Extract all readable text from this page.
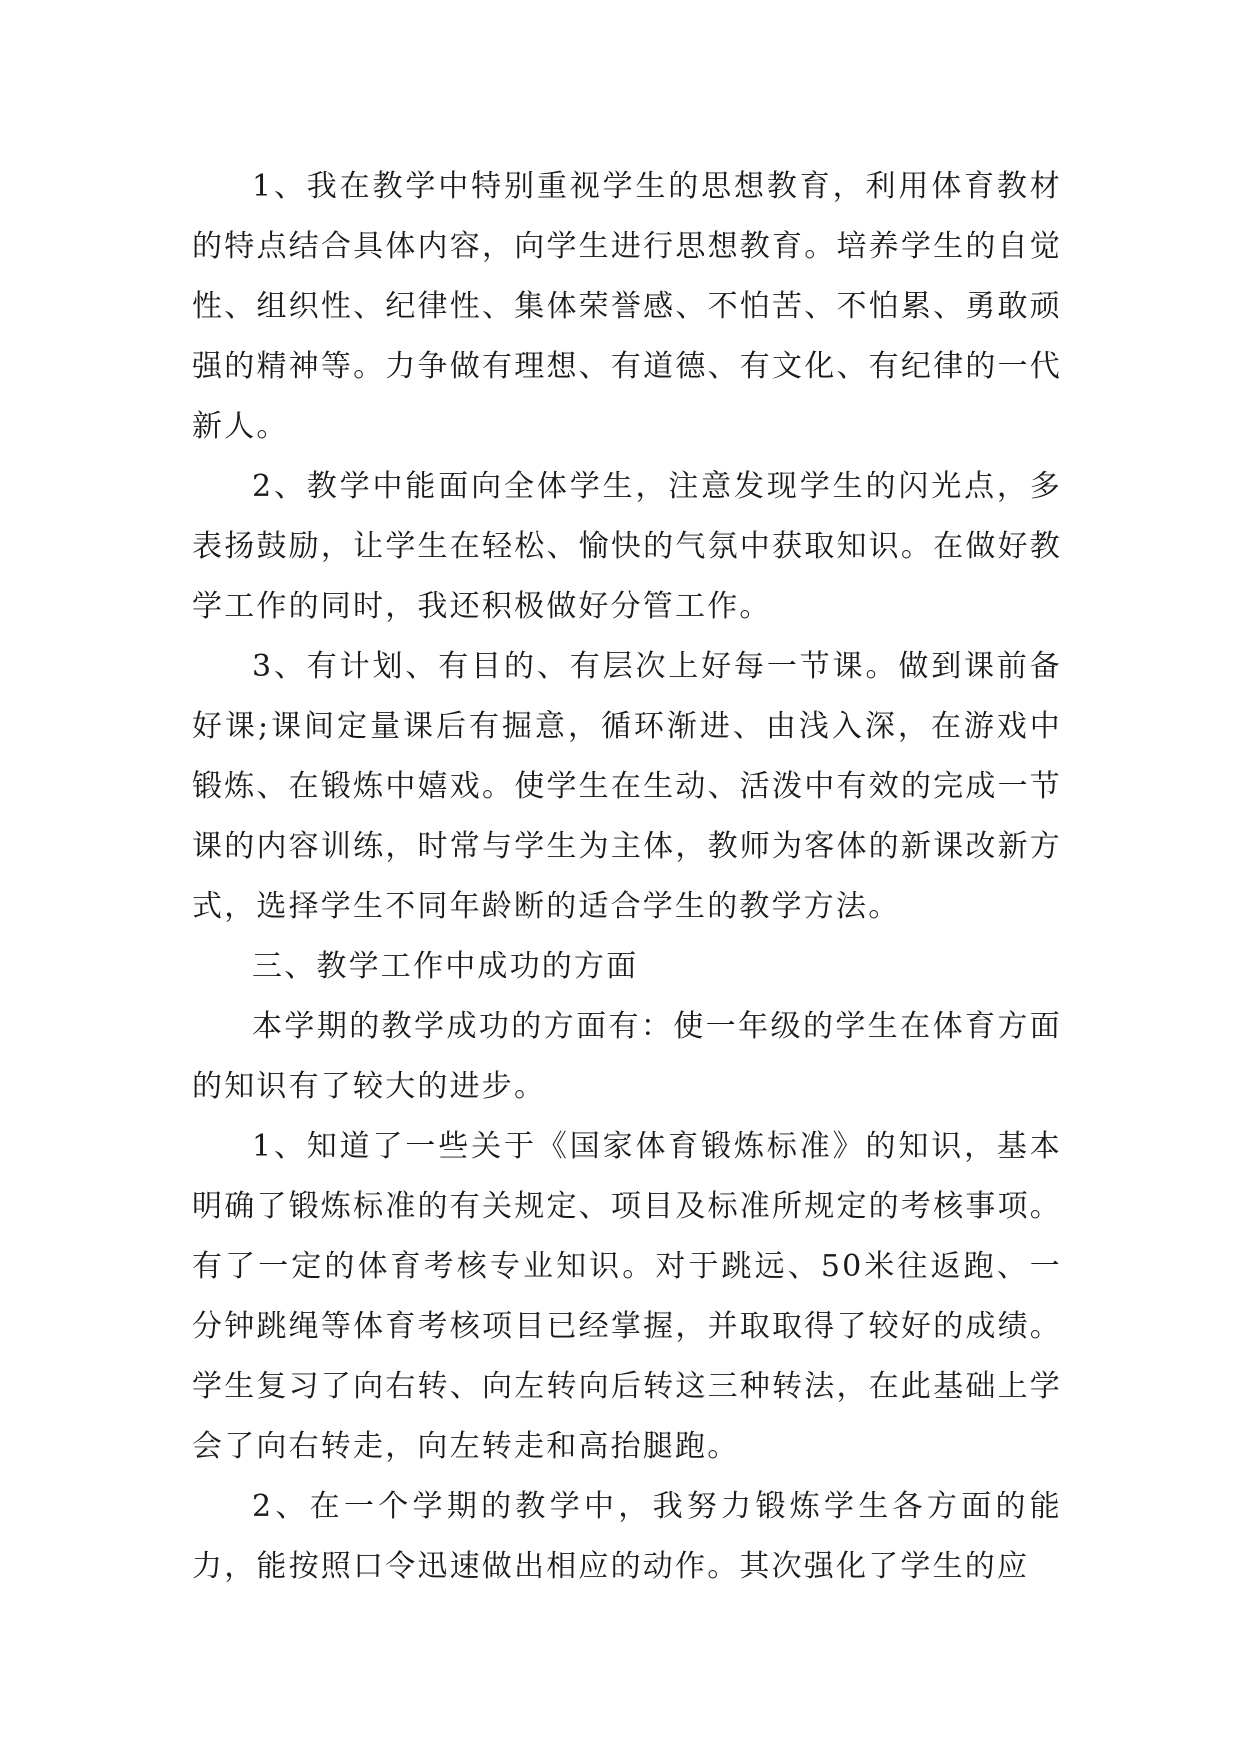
1、我在教学中特别重视学生的思想教育，利用体育教材的特点结合具体内容，向学生进行思想教育。培养学生的自觉性、组织性、纪律性、集体荣誉感、不怕苦、不怕累、勇敢顽强的精神等。力争做有理想、有道德、有文化、有纪律的一代新人。

2、教学中能面向全体学生，注意发现学生的闪光点，多表扬鼓励，让学生在轻松、愉快的气氛中获取知识。在做好教学工作的同时，我还积极做好分管工作。

3、有计划、有目的、有层次上好每一节课。做到课前备好课;课间定量课后有掘意，循环渐进、由浅入深，在游戏中锻炼、在锻炼中嬉戏。使学生在生动、活泼中有效的完成一节课的内容训练，时常与学生为主体，教师为客体的新课改新方式，选择学生不同年龄断的适合学生的教学方法。

三、教学工作中成功的方面

本学期的教学成功的方面有：使一年级的学生在体育方面的知识有了较大的进步。

1、知道了一些关于《国家体育锻炼标准》的知识，基本明确了锻炼标准的有关规定、项目及标准所规定的考核事项。有了一定的体育考核专业知识。对于跳远、50米往返跑、一分钟跳绳等体育考核项目已经掌握，并取取得了较好的成绩。学生复习了向右转、向左转向后转这三种转法，在此基础上学会了向右转走，向左转走和高抬腿跑。

2、在一个学期的教学中，我努力锻炼学生各方面的能力，能按照口令迅速做出相应的动作。其次强化了学生的应
